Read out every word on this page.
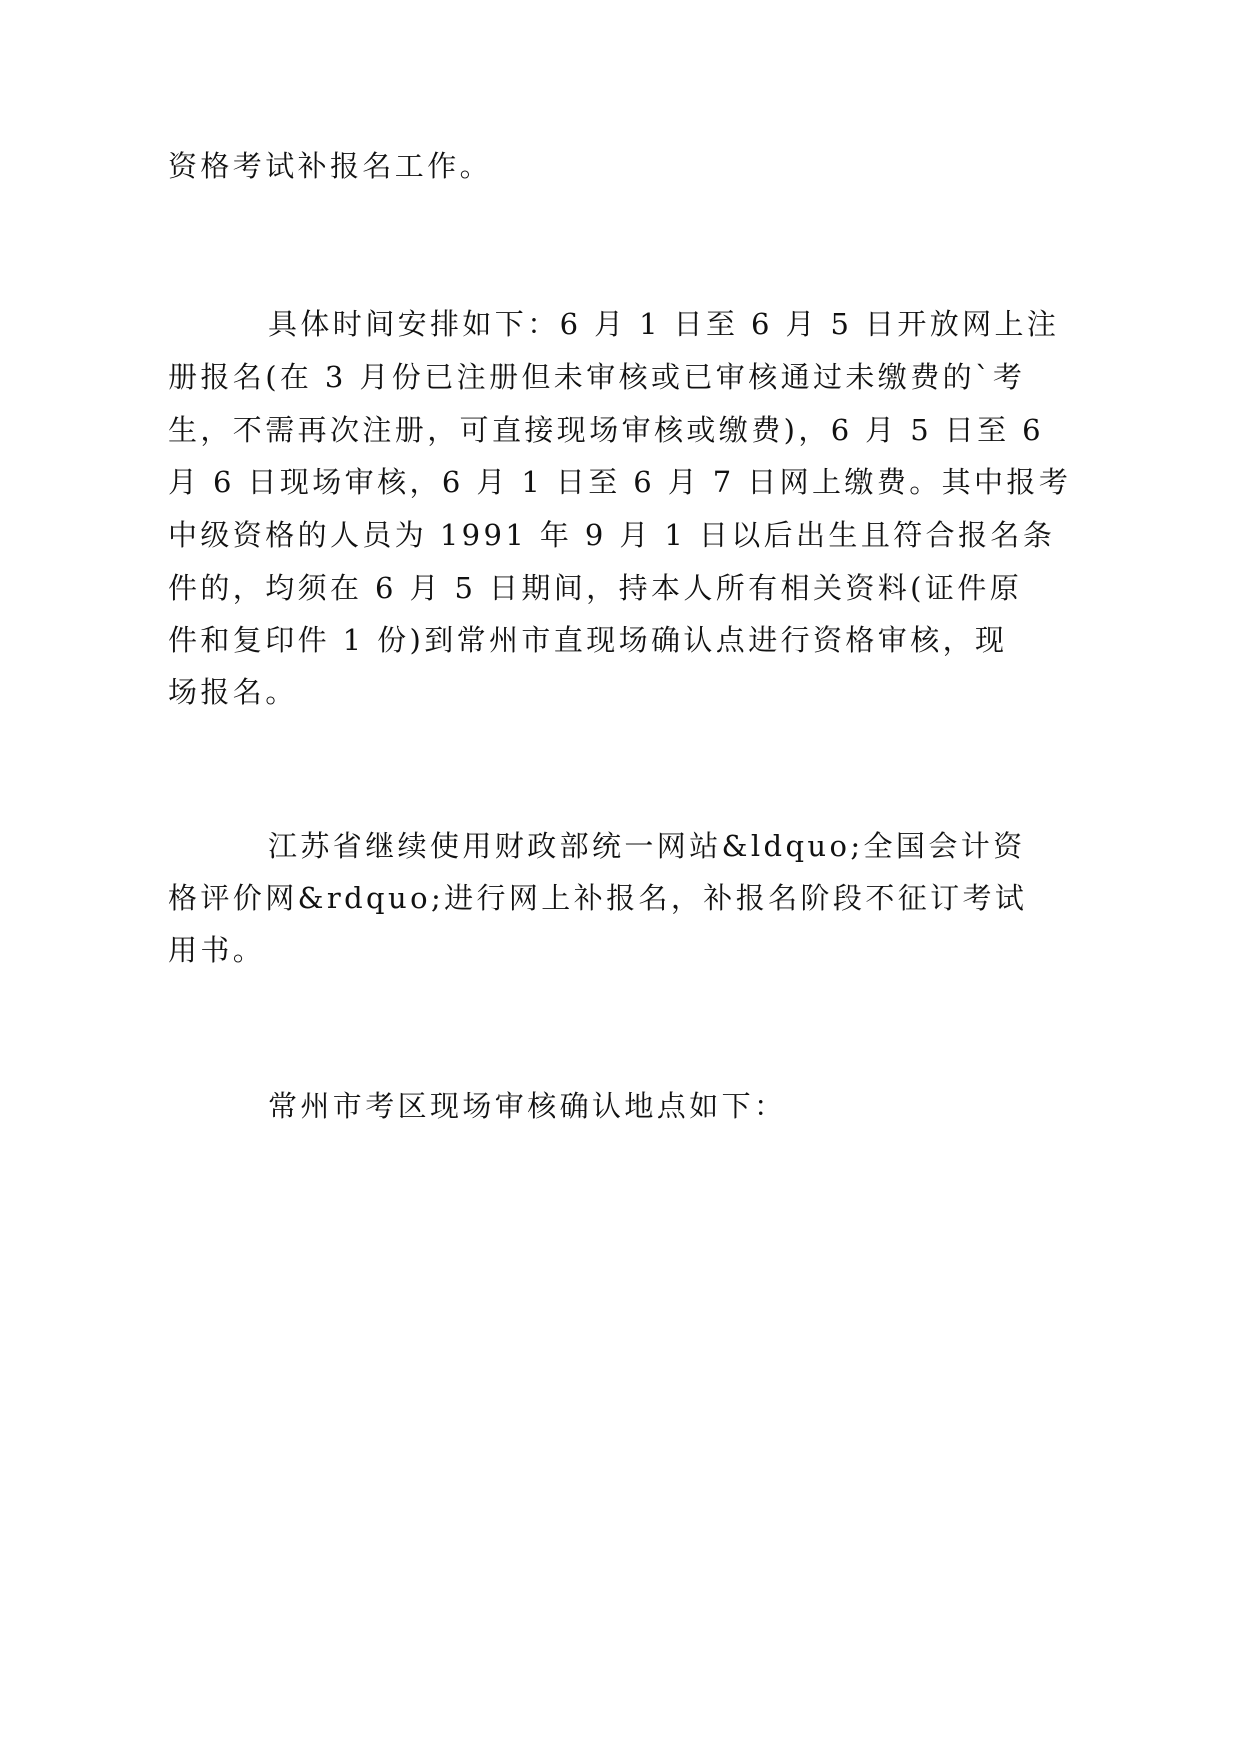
资格考试补报名工作。
具体时间安排如下：6 月 1 日至 6 月 5 日开放网上注
册报名(在 3 月份已注册但未审核或已审核通过未缴费的`考
生，不需再次注册，可直接现场审核或缴费)，6 月 5 日至 6
月 6 日现场审核，6 月 1 日至 6 月 7 日网上缴费。其中报考
中级资格的人员为 1991 年 9 月 1 日以后出生且符合报名条
件的，均须在 6 月 5 日期间，持本人所有相关资料(证件原
件和复印件 1 份)到常州市直现场确认点进行资格审核，现
场报名。
江苏省继续使用财政部统一网站&ldquo;全国会计资
格评价网&rdquo;进行网上补报名，补报名阶段不征订考试
用书。
常州市考区现场审核确认地点如下：
